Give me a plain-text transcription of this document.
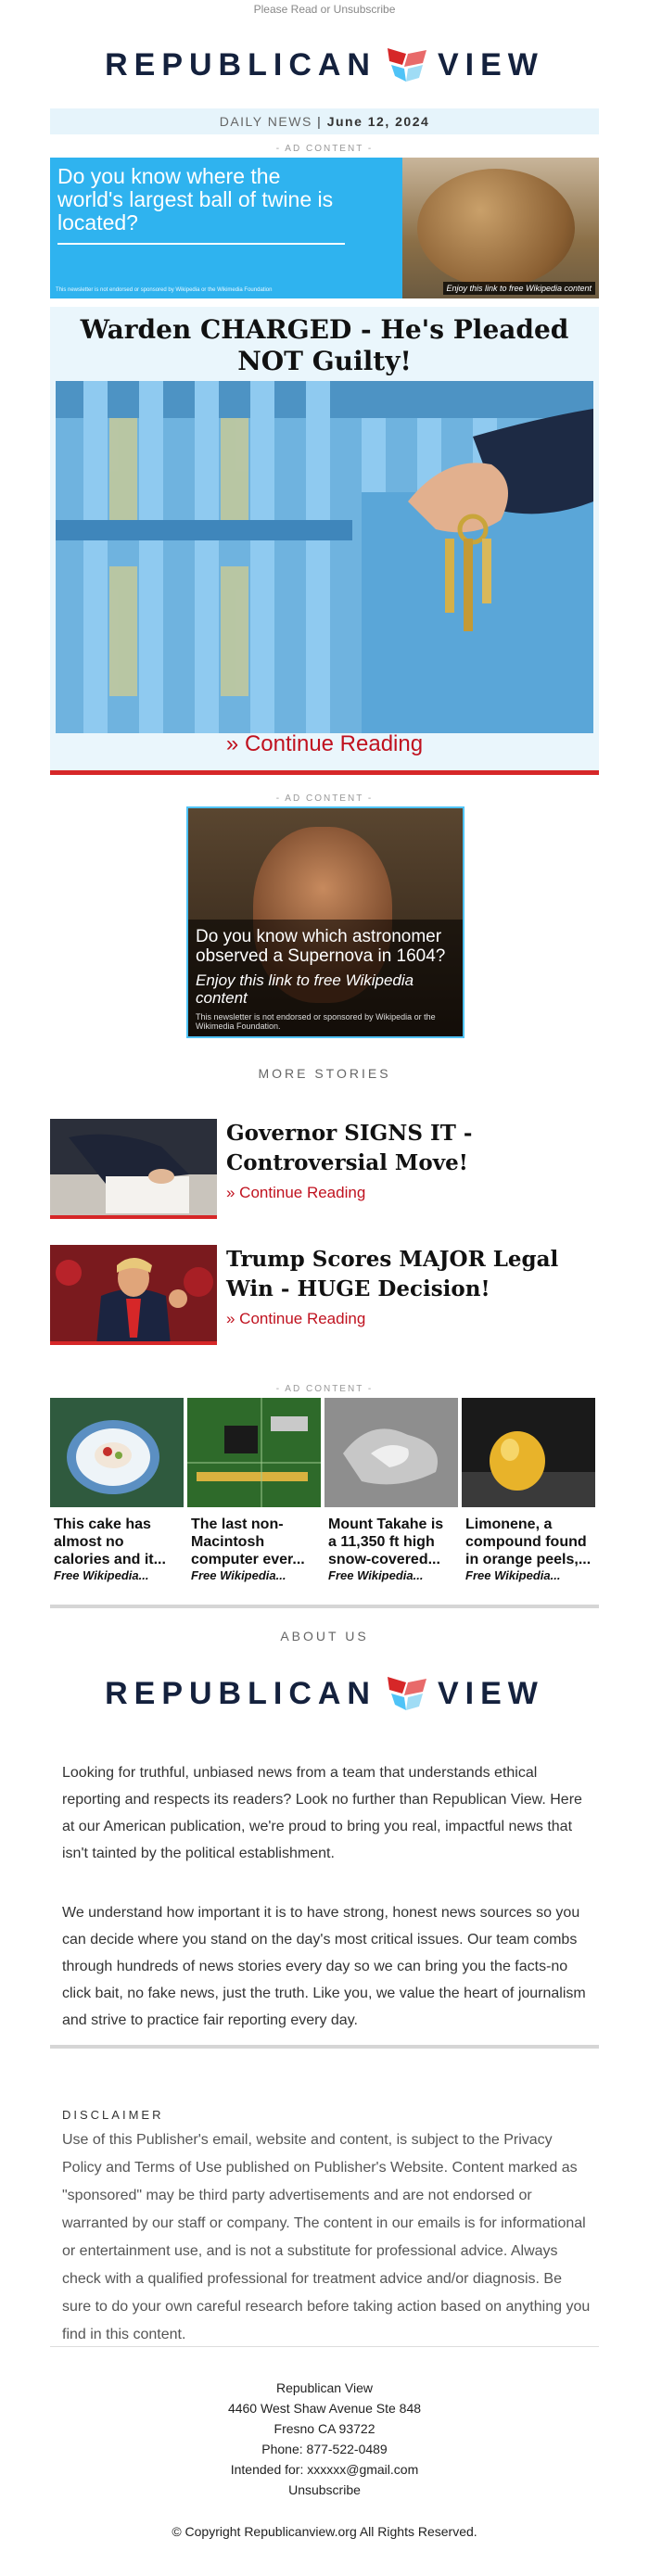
Please Read or Unsubscribe
REPUBLICAN VIEW
DAILY NEWS | June 12, 2024
- AD CONTENT -
Do you know where the world's largest ball of twine is located?
This newsletter is not endorsed or sponsored by Wikipedia or the Wikimedia Foundation	Enjoy this link to free Wikipedia content
Warden CHARGED - He's Pleaded NOT Guilty!
» Continue Reading
- AD CONTENT -
Do you know which astronomer observed a Supernova in 1604?
Enjoy this link to free Wikipedia content
This newsletter is not endorsed or sponsored by Wikipedia or the Wikimedia Foundation.
MORE STORIES
Governor SIGNS IT - Controversial Move!
» Continue Reading
Trump Scores MAJOR Legal Win - HUGE Decision!
» Continue Reading
- AD CONTENT -
This cake has almost no calories and it...
Free Wikipedia...
The last non-Macintosh computer ever...
Free Wikipedia...
Mount Takahe is a 11,350 ft high snow-covered...
Free Wikipedia...
Limonene, a compound found in orange peels,...
Free Wikipedia...
ABOUT US
REPUBLICAN VIEW
Looking for truthful, unbiased news from a team that understands ethical reporting and respects its readers? Look no further than Republican View. Here at our American publication, we're proud to bring you real, impactful news that isn't tainted by the political establishment.
We understand how important it is to have strong, honest news sources so you can decide where you stand on the day's most critical issues. Our team combs through hundreds of news stories every day so we can bring you the facts-no click bait, no fake news, just the truth. Like you, we value the heart of journalism and strive to practice fair reporting every day.
DISCLAIMER
Use of this Publisher's email, website and content, is subject to the Privacy Policy and Terms of Use published on Publisher's Website. Content marked as "sponsored" may be third party advertisements and are not endorsed or warranted by our staff or company. The content in our emails is for informational or entertainment use, and is not a substitute for professional advice. Always check with a qualified professional for treatment advice and/or diagnosis. Be sure to do your own careful research before taking action based on anything you find in this content.
Republican View
4460 West Shaw Avenue Ste 848
Fresno CA 93722
Phone: 877-522-0489
Intended for: xxxxxx@gmail.com
Unsubscribe
© Copyright Republicanview.org All Rights Reserved.
